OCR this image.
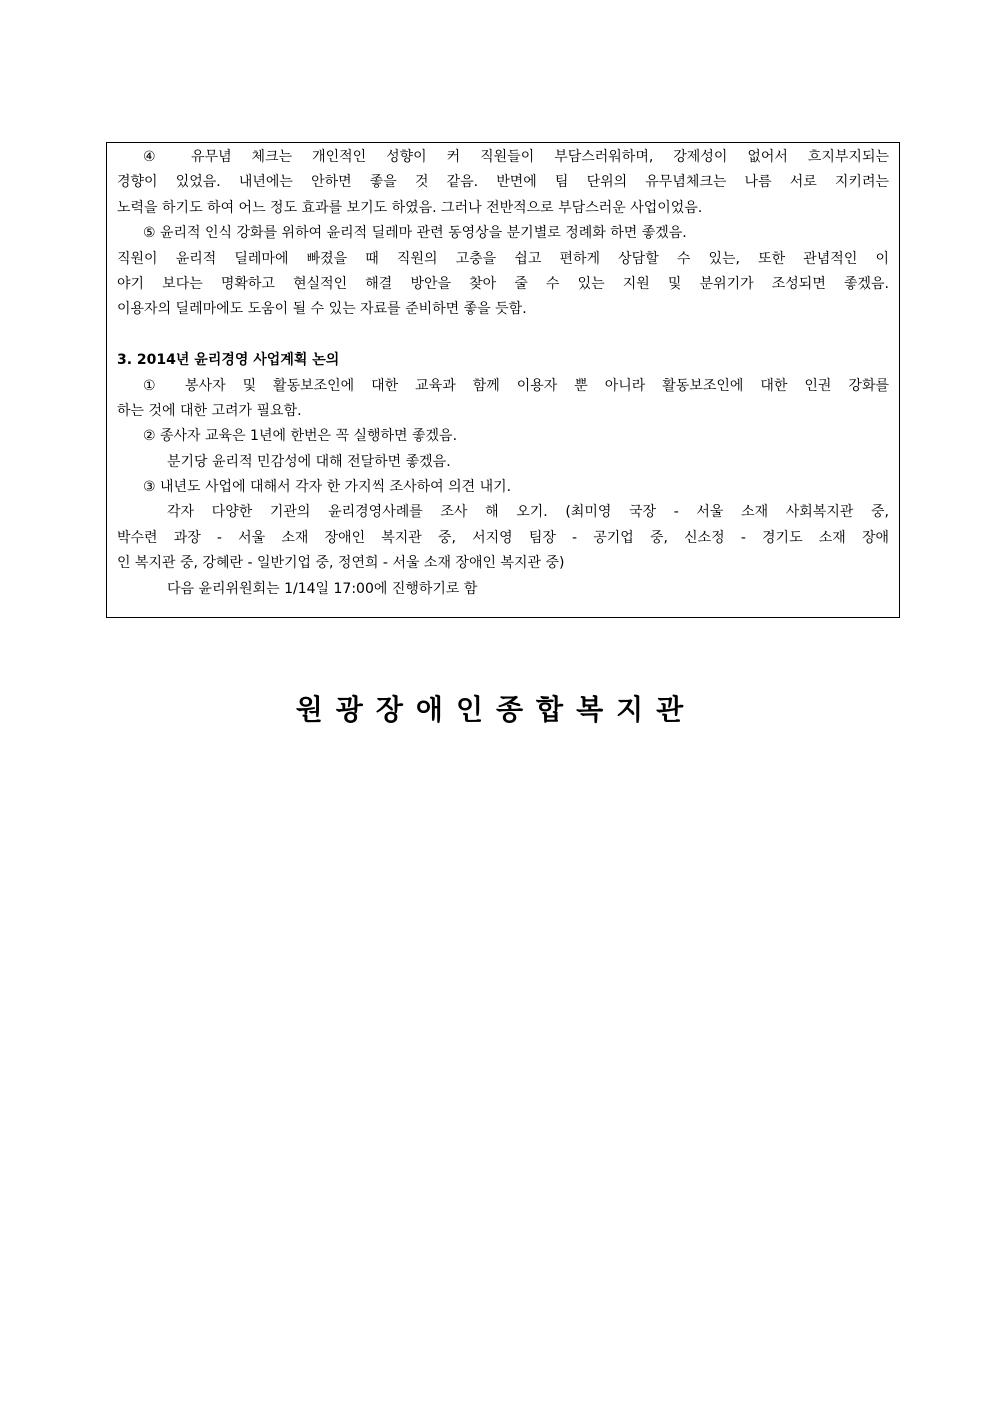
④ 유무념 체크는 개인적인 성향이 커 직원들이 부담스러워하며, 강제성이 없어서 흐지부지되는
경향이 있었음. 내년에는 안하면 좋을 것 같음. 반면에 팀 단위의 유무념체크는 나름 서로 지키려는
노력을 하기도 하여 어느 정도 효과를 보기도 하였음. 그러나 전반적으로 부담스러운 사업이었음.
⑤ 윤리적 인식 강화를 위하여 윤리적 딜레마 관련 동영상을 분기별로 정례화 하면 좋겠음.
직원이 윤리적 딜레마에 빠졌을 때 직원의 고충을 쉽고 편하게 상담할 수 있는, 또한 관념적인 이
야기 보다는 명확하고 현실적인 해결 방안을 찾아 줄 수 있는 지원 및 분위기가 조성되면 좋겠음.
이용자의 딜레마에도 도움이 될 수 있는 자료를 준비하면 좋을 듯함.
3. 2014년 윤리경영 사업계획 논의
① 봉사자 및 활동보조인에 대한 교육과 함께 이용자 뿐 아니라 활동보조인에 대한 인권 강화를
하는 것에 대한 고려가 필요함.
② 종사자 교육은 1년에 한번은 꼭 실행하면 좋겠음.
분기당 윤리적 민감성에 대해 전달하면 좋겠음.
③ 내년도 사업에 대해서 각자 한 가지씩 조사하여 의견 내기.
각자 다양한 기관의 윤리경영사례를 조사 해 오기. (최미영 국장 - 서울 소재 사회복지관 중,
박수련 과장 - 서울 소재 장애인 복지관 중, 서지영 팀장 - 공기업 중, 신소정 - 경기도 소재 장애
인 복지관 중, 강혜란 - 일반기업 중, 정연희 - 서울 소재 장애인 복지관 중)
다음 윤리위원회는 1/14일 17:00에 진행하기로 함
원광장애인종합복지관
